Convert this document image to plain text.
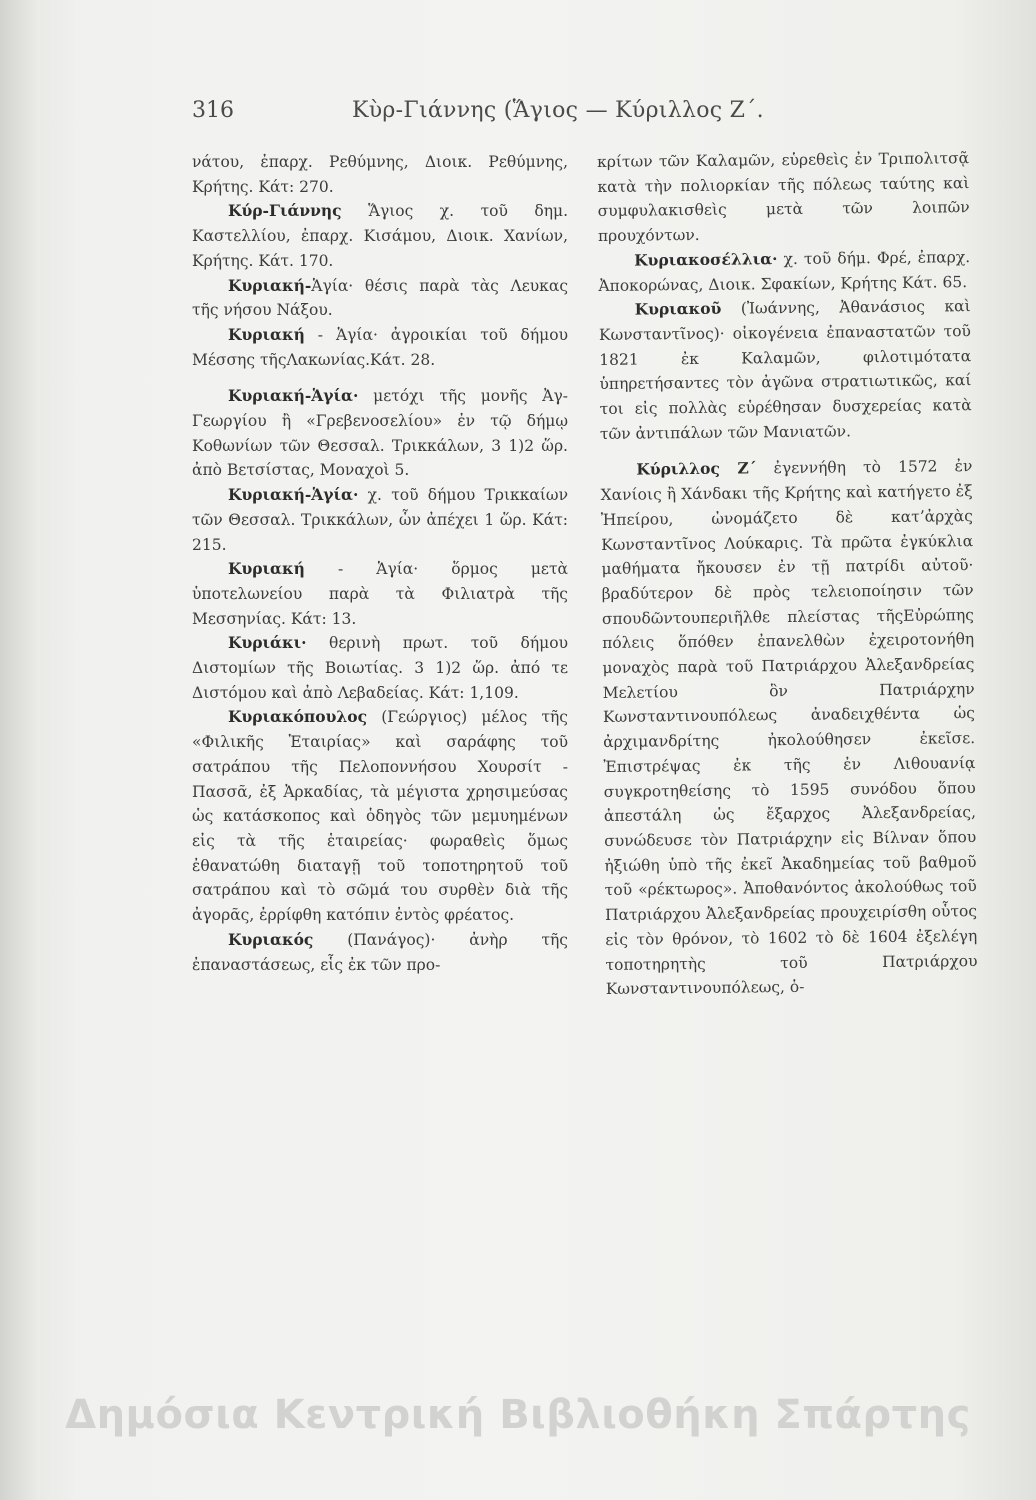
316	Κὺρ-Γιάννης (Ἅγιος — Κύριλλος Ζ΄.

νάτου, ἐπαρχ. Ρεθύμνης, Διοικ. Ρεθύμνης, Κρήτης. Κάτ: 270.

Κύρ-Γιάννης Ἅγιος χ. τοῦ δημ. Καστελλίου, ἐπαρχ. Κισάμου, Διοικ. Χανίων, Κρήτης. Κάτ. 170.

Κυριακή-Ἁγία· θέσις παρὰ τὰς Λευκας τῆς νήσου Νάξου.

Κυριακή - Ἁγία· ἀγροικίαι τοῦ δήμου Μέσσης τῆςΛακωνίας.Κάτ. 28.

Κυριακή-Ἁγία· μετόχι τῆς μονῆς Ἀγ-Γεωργίου ἢ «Γρεβενοσελίου» ἐν τῷ δήμῳ Κοθωνίων τῶν Θεσσαλ. Τρικκάλων, 3 1)2 ὥρ. ἀπὸ Βετσίστας, Μοναχοὶ 5.

Κυριακή-Ἁγία· χ. τοῦ δήμου Τρικκαίων τῶν Θεσσαλ. Τρικκάλων, ὧν ἀπέχει 1 ὥρ. Κάτ: 215.

Κυριακή - Ἁγία· ὅρμος μετὰ ὑποτελωνείου παρὰ τὰ Φιλιατρὰ τῆς Μεσσηνίας. Κάτ: 13.

Κυριάκι· θερινὴ πρωτ. τοῦ δήμου Διστομίων τῆς Βοιωτίας. 3 1)2 ὥρ. ἀπό τε Διστόμου καὶ ἀπὸ Λεβαδείας. Κάτ: 1,109.

Κυριακόπουλος (Γεώργιος) μέλος τῆς «Φιλικῆς Ἑταιρίας» καὶ σαράφης τοῦ σατράπου τῆς Πελοποννήσου Χουρσίτ - Πασσᾶ, ἐξ Ἀρκαδίας, τὰ μέγιστα χρησιμεύσας ὡς κατάσκοπος καὶ ὁδηγὸς τῶν μεμυημένων εἰς τὰ τῆς ἑταιρείας· φωραθεὶς ὅμως ἐθανατώθη διαταγῇ τοῦ τοποτηρητοῦ τοῦ σατράπου καὶ τὸ σῶμά του συρθὲν διὰ τῆς ἀγορᾶς, ἐρρίφθη κατόπιν ἐντὸς φρέατος.

Κυριακός (Πανάγος)· ἀνὴρ τῆς ἐπαναστάσεως, εἷς ἐκ τῶν προ-

κρίτων τῶν Καλαμῶν, εὑρεθεὶς ἐν Τριπολιτσᾷ κατὰ τὴν πολιορκίαν τῆς πόλεως ταύτης καὶ συμφυλακισθεὶς μετὰ τῶν λοιπῶν προυχόντων.

Κυριακοσέλλια· χ. τοῦ δήμ. Φρέ, ἐπαρχ. Ἀποκορώνας, Διοικ. Σφακίων, Κρήτης Κάτ. 65.

Κυριακοῦ (Ἰωάννης, Ἀθανάσιος καὶ Κωνσταντῖνος)· οἰκογένεια ἐπαναστατῶν τοῦ 1821 ἐκ Καλαμῶν, φιλοτιμότατα ὑπηρετήσαντες τὸν ἀγῶνα στρατιωτικῶς, καί τοι εἰς πολλὰς εὑρέθησαν δυσχερείας κατὰ τῶν ἀντιπάλων τῶν Μανιατῶν.

Κύριλλος Ζ΄ ἐγεννήθη τὸ 1572 ἐν Χανίοις ἢ Χάνδακι τῆς Κρήτης καὶ κατήγετο ἐξ Ἠπείρου, ὠνομάζετο δὲ κατ’ἀρχὰς Κωνσταντῖνος Λούκαρις. Τὰ πρῶτα ἐγκύκλια μαθήματα ἤκουσεν ἐν τῇ πατρίδι αὐτοῦ· βραδύτερον δὲ πρὸς τελειοποίησιν τῶν σπουδῶντουπεριῆλθε πλείστας τῆςΕὐρώπης πόλεις ὅπόθεν ἐπανελθὼν ἐχειροτονήθη μοναχὸς παρὰ τοῦ Πατριάρχου Ἀλεξανδρείας Μελετίου ὃν Πατριάρχην Κωνσταντινουπόλεως ἀναδειχθέντα ὡς ἀρχιμανδρίτης ἠκολούθησεν ἐκεῖσε. Ἐπιστρέψας ἐκ τῆς ἐν Λιθουανίᾳ συγκροτηθείσης τὸ 1595 συνόδου ὅπου ἀπεστάλη ὡς ἔξαρχος Ἀλεξανδρείας, συνώδευσε τὸν Πατριάρχην εἰς Βίλναν ὅπου ἠξιώθη ὑπὸ τῆς ἐκεῖ Ἀκαδημείας τοῦ βαθμοῦ τοῦ «ρέκτωρος». Ἀποθανόντος ἀκολούθως τοῦ Πατριάρχου Ἀλεξανδρείας προυχειρίσθη οὗτος εἰς τὸν θρόνον, τὸ 1602 τὸ δὲ 1604 ἐξελέγη τοποτηρητὴς τοῦ Πατριάρχου Κωνσταντινουπόλεως, ὁ-

Δημόσια Κεντρική Βιβλιοθήκη Σπάρτης
